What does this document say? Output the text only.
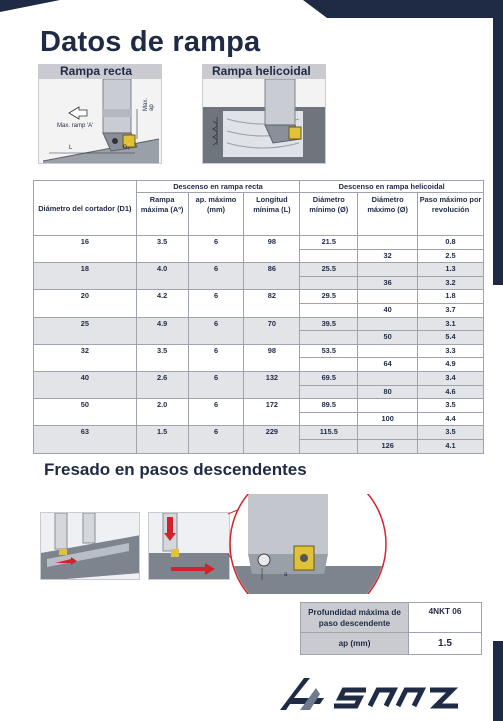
Datos de rampa
Rampa recta
Max. ramp 'A'
Max. ap
L	D₁
Rampa helicoidal
Diámetro del cortador (D1)	Descenso en rampa recta			Descenso en rampa helicoidal		
	Rampa máxima (Aº)	ap. máximo (mm)	Longitud mínima (L)	Diámetro mínimo (Ø)	Diámetro máximo (Ø)	Paso máximo por revolución
16	3.5	6	98	21.5		0.8
					32	2.5
18	4.0	6	86	25.5		1.3
					36	3.2
20	4.2	6	82	29.5		1.8
					40	3.7
25	4.9	6	70	39.5		3.1
					50	5.4
32	3.5	6	98	53.5		3.3
					64	4.9
40	2.6	6	132	69.5		3.4
					80	4.6
50	2.0	6	172	89.5		3.5
					100	4.4
63	1.5	6	229	115.5		3.5
					126	4.1
Fresado en pasos descendentes
a
Profundidad máxima de paso descendente	4NKT 06
ap (mm)	1.5
